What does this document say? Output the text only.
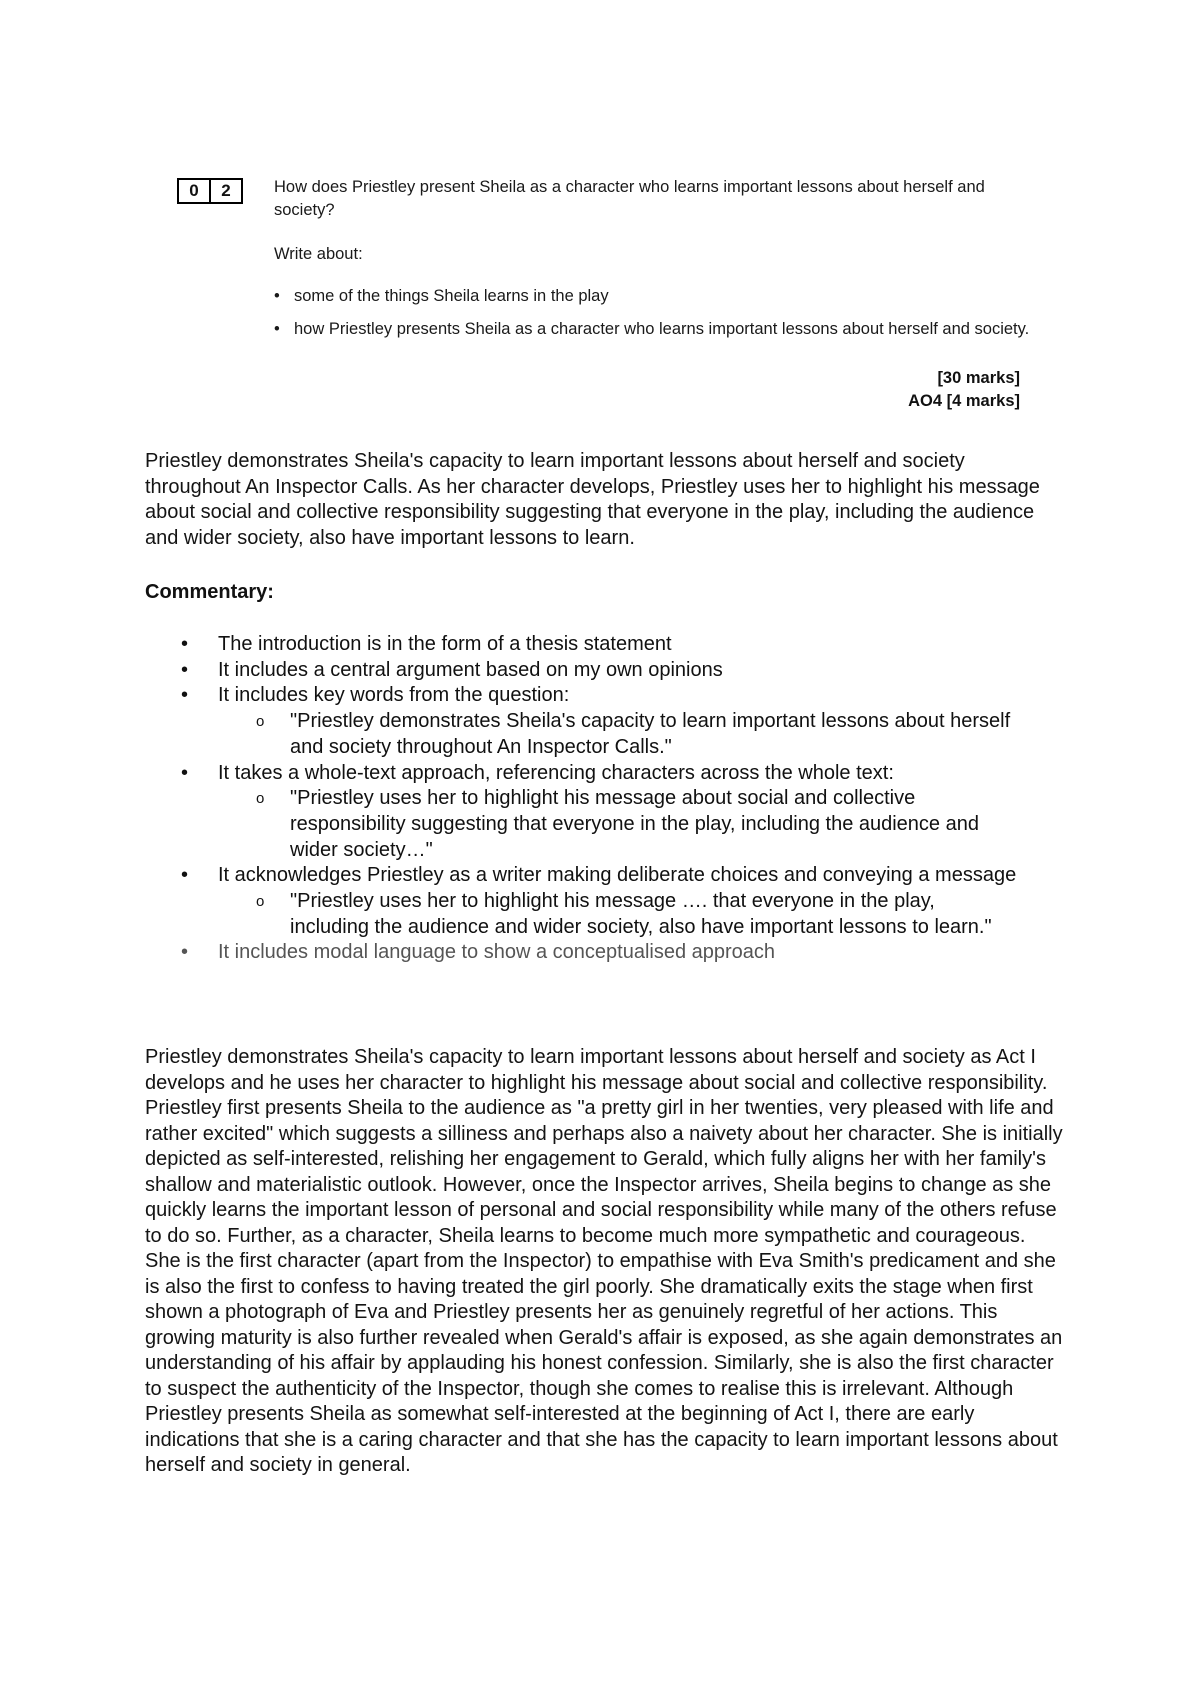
0	2	How does Priestley present Sheila as a character who learns important lessons about herself and society?

Write about:

• some of the things Sheila learns in the play
• how Priestley presents Sheila as a character who learns important lessons about herself and society.
[30 marks]
AO4 [4 marks]

Priestley demonstrates Sheila's capacity to learn important lessons about herself and society throughout An Inspector Calls. As her character develops, Priestley uses her to highlight his message about social and collective responsibility suggesting that everyone in the play, including the audience and wider society, also have important lessons to learn.

Commentary:

• The introduction is in the form of a thesis statement
• It includes a central argument based on my own opinions
• It includes key words from the question:
o "Priestley demonstrates Sheila's capacity to learn important lessons about herself and society throughout An Inspector Calls."
• It takes a whole-text approach, referencing characters across the whole text:
o "Priestley uses her to highlight his message about social and collective responsibility suggesting that everyone in the play, including the audience and wider society…"
• It acknowledges Priestley as a writer making deliberate choices and conveying a message
o "Priestley uses her to highlight his message …. that everyone in the play, including the audience and wider society, also have important lessons to learn."
• It includes modal language to show a conceptualised approach

Priestley demonstrates Sheila's capacity to learn important lessons about herself and society as Act I develops and he uses her character to highlight his message about social and collective responsibility. Priestley first presents Sheila to the audience as "a pretty girl in her twenties, very pleased with life and rather excited" which suggests a silliness and perhaps also a naivety about her character. She is initially depicted as self-interested, relishing her engagement to Gerald, which fully aligns her with her family's shallow and materialistic outlook. However, once the Inspector arrives, Sheila begins to change as she quickly learns the important lesson of personal and social responsibility while many of the others refuse to do so. Further, as a character, Sheila learns to become much more sympathetic and courageous. She is the first character (apart from the Inspector) to empathise with Eva Smith's predicament and she is also the first to confess to having treated the girl poorly. She dramatically exits the stage when first shown a photograph of Eva and Priestley presents her as genuinely regretful of her actions. This growing maturity is also further revealed when Gerald's affair is exposed, as she again demonstrates an understanding of his affair by applauding his honest confession. Similarly, she is also the first character to suspect the authenticity of the Inspector, though she comes to realise this is irrelevant. Although Priestley presents Sheila as somewhat self-interested at the beginning of Act I, there are early indications that she is a caring character and that she has the capacity to learn important lessons about herself and society in general.
